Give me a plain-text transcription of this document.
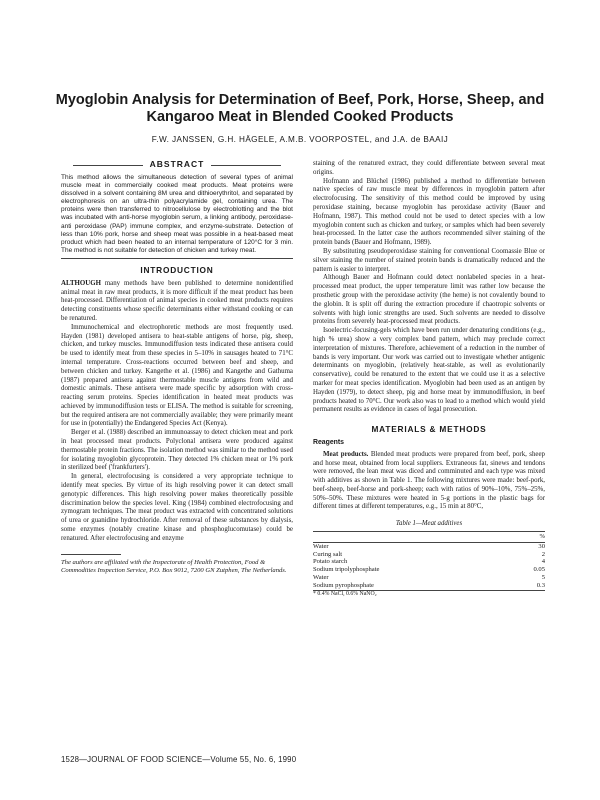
Myoglobin Analysis for Determination of Beef, Pork, Horse, Sheep, and Kangaroo Meat in Blended Cooked Products
F.W. JANSSEN, G.H. HÄGELE, A.M.B. VOORPOSTEL, and J.A. de BAAIJ
ABSTRACT

This method allows the simultaneous detection of several types of animal muscle meat in commercially cooked meat products. Meat proteins were dissolved in a solvent containing 8M urea and dithioerythritol, and separated by electrophoresis on an ultra-thin polyacrylamide gel, containing urea. The proteins were then transferred to nitrocellulose by electroblotting and the blot was incubated with anti-horse myoglobin serum, a linking antibody, peroxidase-anti peroxidase (PAP) immune complex, and enzyme-substrate. Detection of less than 10% pork, horse and sheep meat was possible in a heat-based meat product which had been heated to an internal temperature of 120°C for 3 min. The method is not suitable for detection of chicken and turkey meat.

INTRODUCTION

ALTHOUGH many methods have been published to determine nonidentified animal meat in raw meat products, it is more difficult if the meat product has been heat-processed. Differentiation of animal species in cooked meat products requires detecting constituents whose specific determinants either withstand cooking or can be renatured.

Immunochemical and electrophoretic methods are most frequently used. Hayden (1981) developed antisera to heat-stable antigens of horse, pig, sheep, chicken, and turkey muscles. Immunodiffusion tests indicated these antisera could be used to identify meat from these species in 5–10% in sausages heated to 71°C internal temperature. Cross-reactions occurred between beef and sheep, and between chicken and turkey. Kangethe et al. (1986) and Kangethe and Gathuma (1987) prepared antisera against thermostable muscle antigens from wild and domestic animals. These antisera were made specific by adsorption with cross-reacting serum proteins. Species identification in heated meat products was achieved by immunodiffusion tests or ELISA. The method is suitable for screening, but the required antisera are not commercially available; they were primarily meant for use in (potentially) the Endangered Species Act (Kenya).

Berger et al. (1988) described an immunoassay to detect chicken meat and pork in heat processed meat products. Polyclonal antisera were produced against thermostable protein fractions. The isolation method was similar to the method used for isolating myoglobin glycoprotein. They detected 1% chicken meat or 1% pork in sterilized beef ('frankfurters').

In general, electrofocusing is considered a very appropriate technique to identify meat species. By virtue of its high resolving power it can detect small genotypic differences. This high resolving power makes theoretically possible discrimination below the species level. King (1984) combined electrofocusing and zymogram techniques. The meat product was extracted with concentrated solutions of urea or guanidine hydrochloride. After removal of these substances by dialysis, some enzymes (notably creatine kinase and phosphoglucomutase) could be renatured. After electrofocusing and enzyme

The authors are affiliated with the Inspectorate of Health Protection, Food & Commodities Inspection Service, P.O. Box 9012, 7200 GN Zutphen, The Netherlands.

staining of the renatured extract, they could differentiate between several meat origins.

Hofmann and Blüchel (1986) published a method to differentiate between native species of raw muscle meat by differences in myoglobin pattern after electrofocusing. The sensitivity of this method could be improved by using peroxidase staining, because myoglobin has peroxidase activity (Bauer and Hofmann, 1987). This method could not be used to detect species with a low myoglobin content such as chicken and turkey, or samples which had been severely heat-processed. In the latter case the authors recommended silver staining of the protein bands (Bauer and Hofmann, 1989).

By substituting pseudoperoxidase staining for conventional Coomassie Blue or silver staining the number of stained protein bands is dramatically reduced and the pattern is easier to interpret.

Although Bauer and Hofmann could detect nonlabeled species in a heat-processed meat product, the upper temperature limit was rather low because the prosthetic group with the peroxidase activity (the heme) is not covalently bound to the globin. It is split off during the extraction procedure if chaotropic solvents or solvents with high ionic strengths are used. Such solvents are needed to dissolve proteins from severely heat-processed meat products.

Isoelectric-focusing-gels which have been run under denaturing conditions (e.g., high % urea) show a very complex band pattern, which may preclude correct interpretation of mixtures. Therefore, achievement of a reduction in the number of bands is very important. Our work was carried out to investigate whether antigenic determinants on myoglobin, (relatively heat-stable, as well as evolutionarily conservative), could be renatured to the extent that we could use it as a selective marker for meat species identification. Myoglobin had been used as an antigen by Hayden (1979), to detect sheep, pig and horse meat by immunodiffusion, in beef products heated to 70°C. Our work also was to lead to a method which would yield permanent results as evidence in cases of legal prosecution.

MATERIALS & METHODS
Reagents

Meat products. Blended meat products were prepared from beef, pork, sheep and horse meat, obtained from local suppliers. Extraneous fat, sinews and tendons were removed, the lean meat was diced and comminuted and each type was mixed with additives as shown in Table 1. The following mixtures were made: beef-pork, beef-sheep, beef-horse and pork-sheep; each with ratios of 90%–10%, 75%–25%, 50%–50%. These mixtures were heated in 5-g portions in the plastic bags for different times at different temperatures, e.g., 15 min at 80°C,

Table 1—Meat additives
	%
Water	30
Curing salt	2
Potato starch	4
Sodium tripolyphosphate	0.05
Water	5
Sodium pyrophosphate	0.3
* 0.4% NaCl, 0.6% NaNO₂
1528—JOURNAL OF FOOD SCIENCE—Volume 55, No. 6, 1990
